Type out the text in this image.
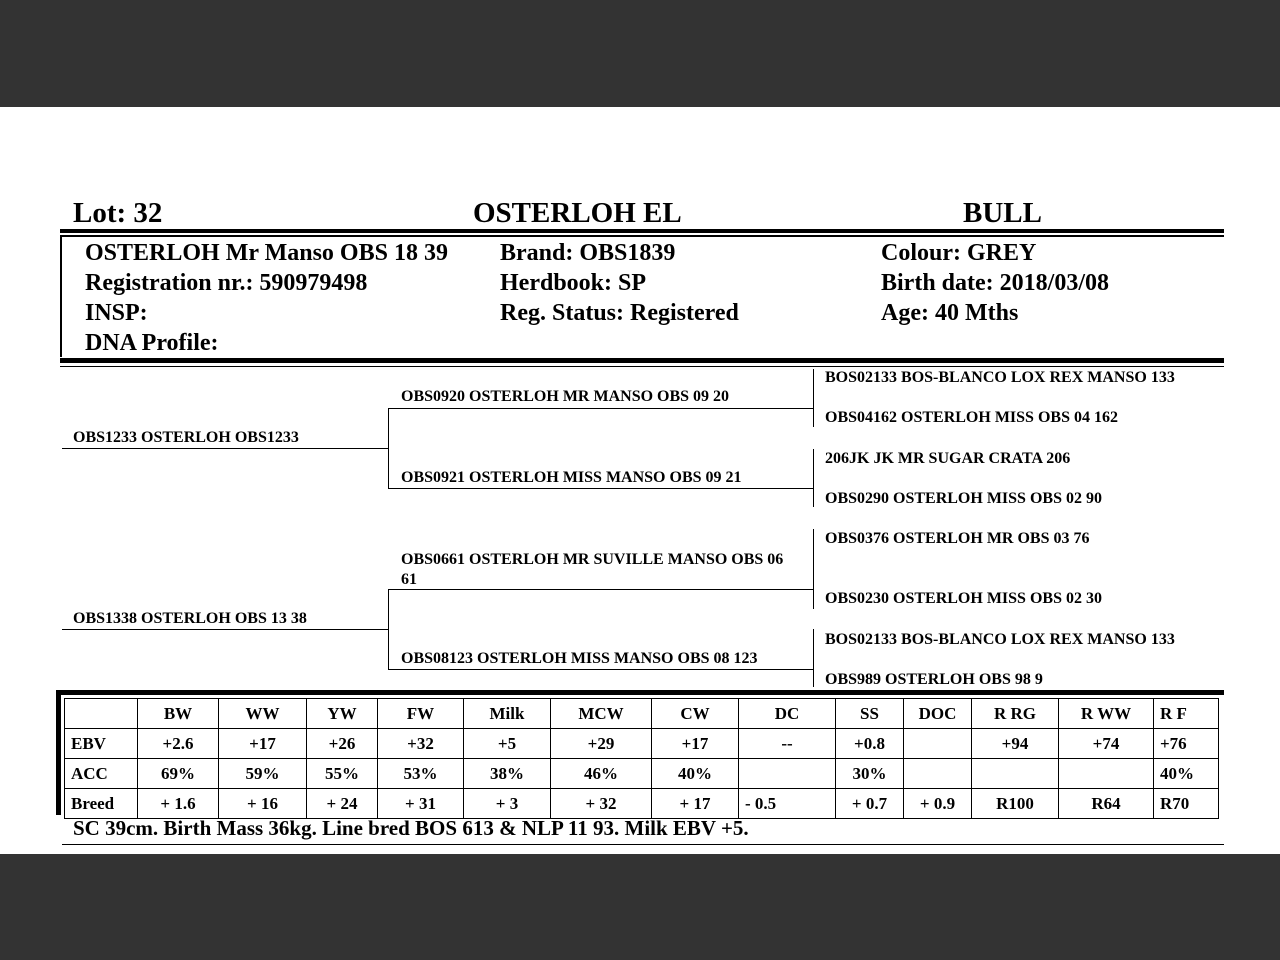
Lot: 32	OSTERLOH EL	BULL
OSTERLOH Mr Manso OBS 18 39
Registration nr.: 590979498
INSP:
DNA Profile:
Brand: OBS1839
Herdbook: SP
Reg. Status: Registered
Colour: GREY
Birth date: 2018/03/08
Age: 40 Mths
OBS1233 OSTERLOH OBS1233
OBS1338 OSTERLOH OBS 13 38
OBS0920 OSTERLOH MR MANSO OBS 09 20
OBS0921 OSTERLOH MISS MANSO OBS 09 21
OBS0661 OSTERLOH MR SUVILLE MANSO OBS 06 61
OBS08123 OSTERLOH MISS MANSO OBS 08 123
BOS02133 BOS-BLANCO LOX REX MANSO 133
OBS04162 OSTERLOH MISS OBS 04 162
206JK JK MR SUGAR CRATA 206
OBS0290 OSTERLOH MISS OBS 02 90
OBS0376 OSTERLOH MR OBS 03 76
OBS0230 OSTERLOH MISS OBS 02 30
BOS02133 BOS-BLANCO LOX REX MANSO 133
OBS989 OSTERLOH OBS 98 9
	BW	WW	YW	FW	Milk	MCW	CW	DC	SS	DOC	R RG	R WW	R F
EBV	+2.6	+17	+26	+32	+5	+29	+17	--	+0.8		+94	+74	+76
ACC	69%	59%	55%	53%	38%	46%	40%		30%				40%
Breed	+ 1.6	+ 16	+ 24	+ 31	+ 3	+ 32	+ 17	- 0.5	+ 0.7	+ 0.9	R100	R64	R70
SC 39cm. Birth Mass 36kg. Line bred BOS 613 & NLP 11 93. Milk EBV +5.
